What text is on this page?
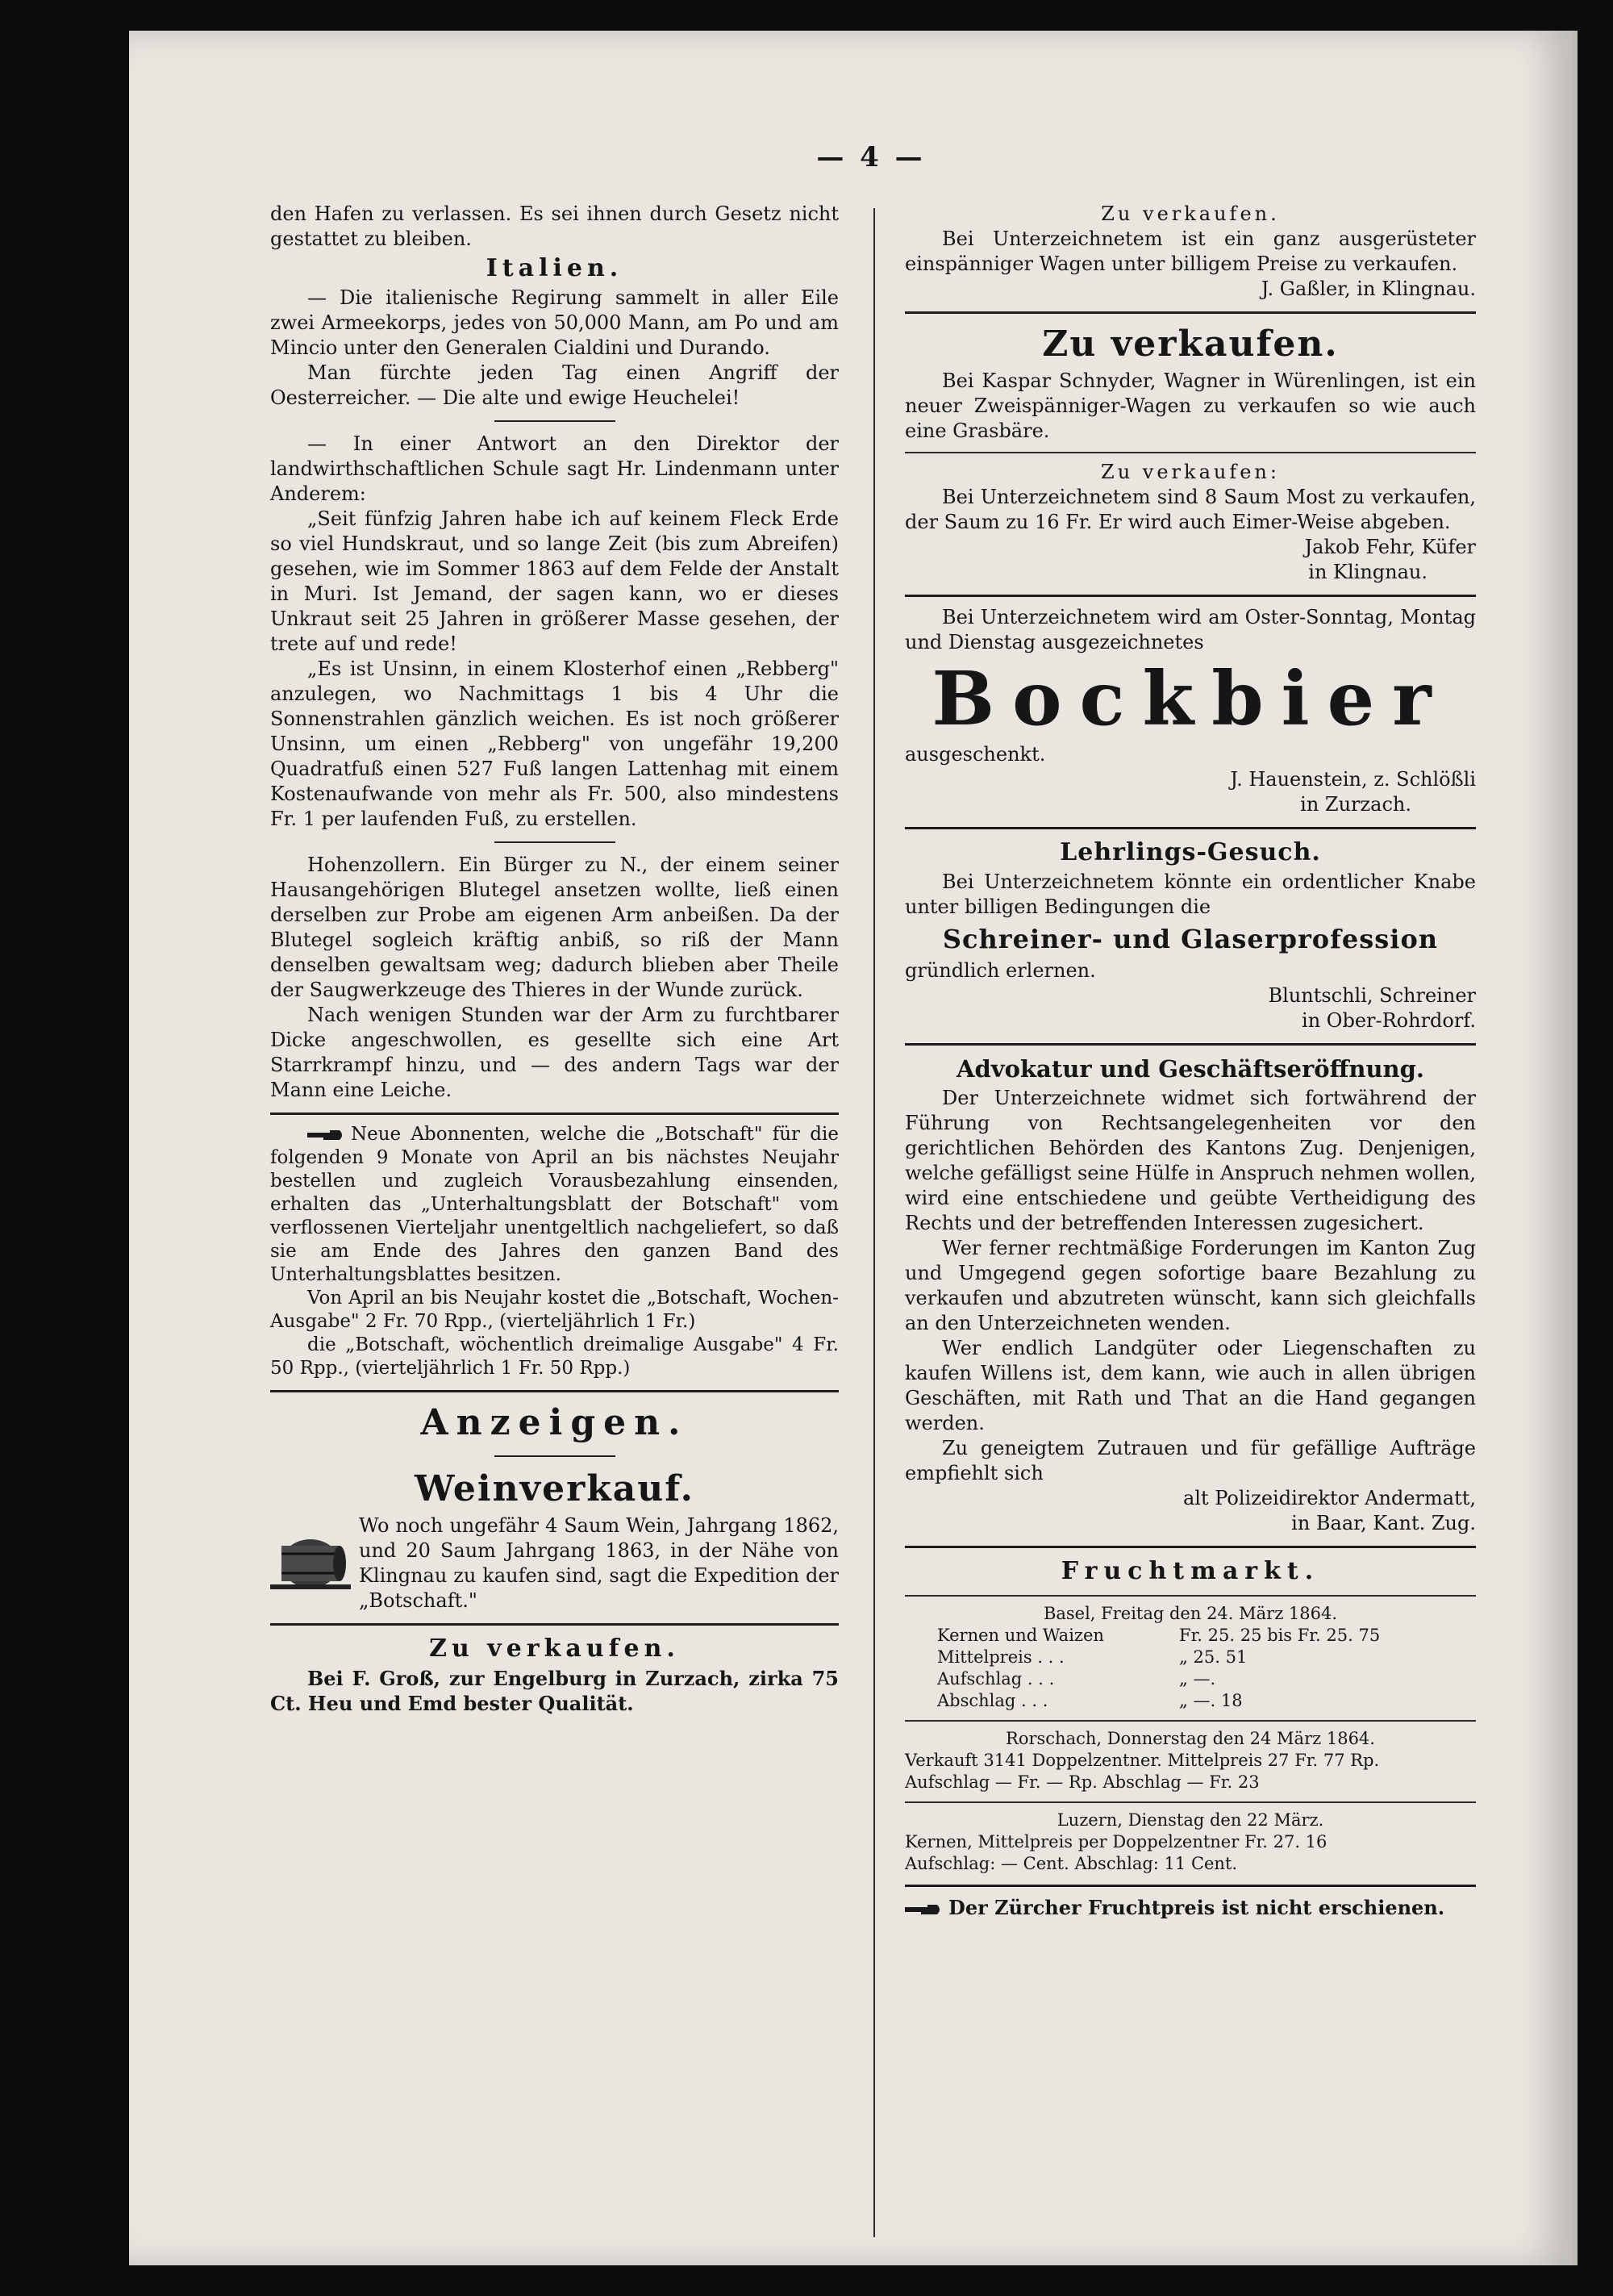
— 4 —

den Hafen zu verlassen. Es sei ihnen durch Gesetz nicht gestattet zu bleiben.

Italien.

— Die italienische Regirung sammelt in aller Eile zwei Armeekorps, jedes von 50,000 Mann, am Po und am Mincio unter den Generalen Cialdini und Durando.

Man fürchte jeden Tag einen Angriff der Oesterreicher. — Die alte und ewige Heuchelei!

— In einer Antwort an den Direktor der landwirthschaftlichen Schule sagt Hr. Lindenmann unter Anderem:

„Seit fünfzig Jahren habe ich auf keinem Fleck Erde so viel Hundskraut, und so lange Zeit (bis zum Abreifen) gesehen, wie im Sommer 1863 auf dem Felde der Anstalt in Muri. Ist Jemand, der sagen kann, wo er dieses Unkraut seit 25 Jahren in größerer Masse gesehen, der trete auf und rede!

„Es ist Unsinn, in einem Klosterhof einen „Rebberg" anzulegen, wo Nachmittags 1 bis 4 Uhr die Sonnenstrahlen gänzlich weichen. Es ist noch größerer Unsinn, um einen „Rebberg" von ungefähr 19,200 Quadratfuß einen 527 Fuß langen Lattenhag mit einem Kostenaufwande von mehr als Fr. 500, also mindestens Fr. 1 per laufenden Fuß, zu erstellen.

Hohenzollern. Ein Bürger zu N., der einem seiner Hausangehörigen Blutegel ansetzen wollte, ließ einen derselben zur Probe am eigenen Arm anbeißen. Da der Blutegel sogleich kräftig anbiß, so riß der Mann denselben gewaltsam weg; dadurch blieben aber Theile der Saugwerkzeuge des Thieres in der Wunde zurück.

Nach wenigen Stunden war der Arm zu furchtbarer Dicke angeschwollen, es gesellte sich eine Art Starrkrampf hinzu, und — des andern Tags war der Mann eine Leiche.

Neue Abonnenten, welche die „Botschaft" für die folgenden 9 Monate von April an bis nächstes Neujahr bestellen und zugleich Vorausbezahlung einsenden, erhalten das „Unterhaltungsblatt der Botschaft" vom verflossenen Vierteljahr unentgeltlich nachgeliefert, so daß sie am Ende des Jahres den ganzen Band des Unterhaltungsblattes besitzen.

Von April an bis Neujahr kostet die „Botschaft, Wochen-Ausgabe" 2 Fr. 70 Rpp., (vierteljährlich 1 Fr.)

die „Botschaft, wöchentlich dreimalige Ausgabe" 4 Fr. 50 Rpp., (vierteljährlich 1 Fr. 50 Rpp.)

Anzeigen.
Weinverkauf.

Wo noch ungefähr 4 Saum Wein, Jahrgang 1862, und 20 Saum Jahrgang 1863, in der Nähe von Klingnau zu kaufen sind, sagt die Expedition der „Botschaft."

Zu verkaufen.

Bei F. Groß, zur Engelburg in Zurzach, zirka 75 Ct. Heu und Emd bester Qualität.

Zu verkaufen.

Bei Unterzeichnetem ist ein ganz ausgerüsteter einspänniger Wagen unter billigem Preise zu verkaufen.

J. Gaßler, in Klingnau.

Zu verkaufen.

Bei Kaspar Schnyder, Wagner in Würenlingen, ist ein neuer Zweispänniger-Wagen zu verkaufen so wie auch eine Grasbäre.

Zu verkaufen:

Bei Unterzeichnetem sind 8 Saum Most zu verkaufen, der Saum zu 16 Fr. Er wird auch Eimer-Weise abgeben.

Jakob Fehr, Küfer

in Klingnau.

Bei Unterzeichnetem wird am Oster-Sonntag, Montag und Dienstag ausgezeichnetes

Bockbier

ausgeschenkt.

J. Hauenstein, z. Schlößli

in Zurzach.

Lehrlings-Gesuch.

Bei Unterzeichnetem könnte ein ordentlicher Knabe unter billigen Bedingungen die

Schreiner- und Glaserprofession

gründlich erlernen.

Bluntschli, Schreiner

in Ober-Rohrdorf.

Advokatur und Geschäftseröffnung.

Der Unterzeichnete widmet sich fortwährend der Führung von Rechtsangelegenheiten vor den gerichtlichen Behörden des Kantons Zug. Denjenigen, welche gefälligst seine Hülfe in Anspruch nehmen wollen, wird eine entschiedene und geübte Vertheidigung des Rechts und der betreffenden Interessen zugesichert.

Wer ferner rechtmäßige Forderungen im Kanton Zug und Umgegend gegen sofortige baare Bezahlung zu verkaufen und abzutreten wünscht, kann sich gleichfalls an den Unterzeichneten wenden.

Wer endlich Landgüter oder Liegenschaften zu kaufen Willens ist, dem kann, wie auch in allen übrigen Geschäften, mit Rath und That an die Hand gegangen werden.

Zu geneigtem Zutrauen und für gefällige Aufträge empfiehlt sich

alt Polizeidirektor Andermatt,

in Baar, Kant. Zug.

Fruchtmarkt.

Basel, Freitag den 24. März 1864.

Kernen und Waizen	Fr. 25. 25 bis Fr. 25. 75
Mittelpreis . . .	„ 25. 51
Aufschlag . . .	„ —.
Abschlag . . .	„ —. 18

Rorschach, Donnerstag den 24 März 1864.

Verkauft 3141 Doppelzentner. Mittelpreis 27 Fr. 77 Rp.

Aufschlag — Fr. — Rp. Abschlag — Fr. 23

Luzern, Dienstag den 22 März.

Kernen, Mittelpreis per Doppelzentner Fr. 27. 16

Aufschlag: — Cent. Abschlag: 11 Cent.

Der Zürcher Fruchtpreis ist nicht erschienen.
